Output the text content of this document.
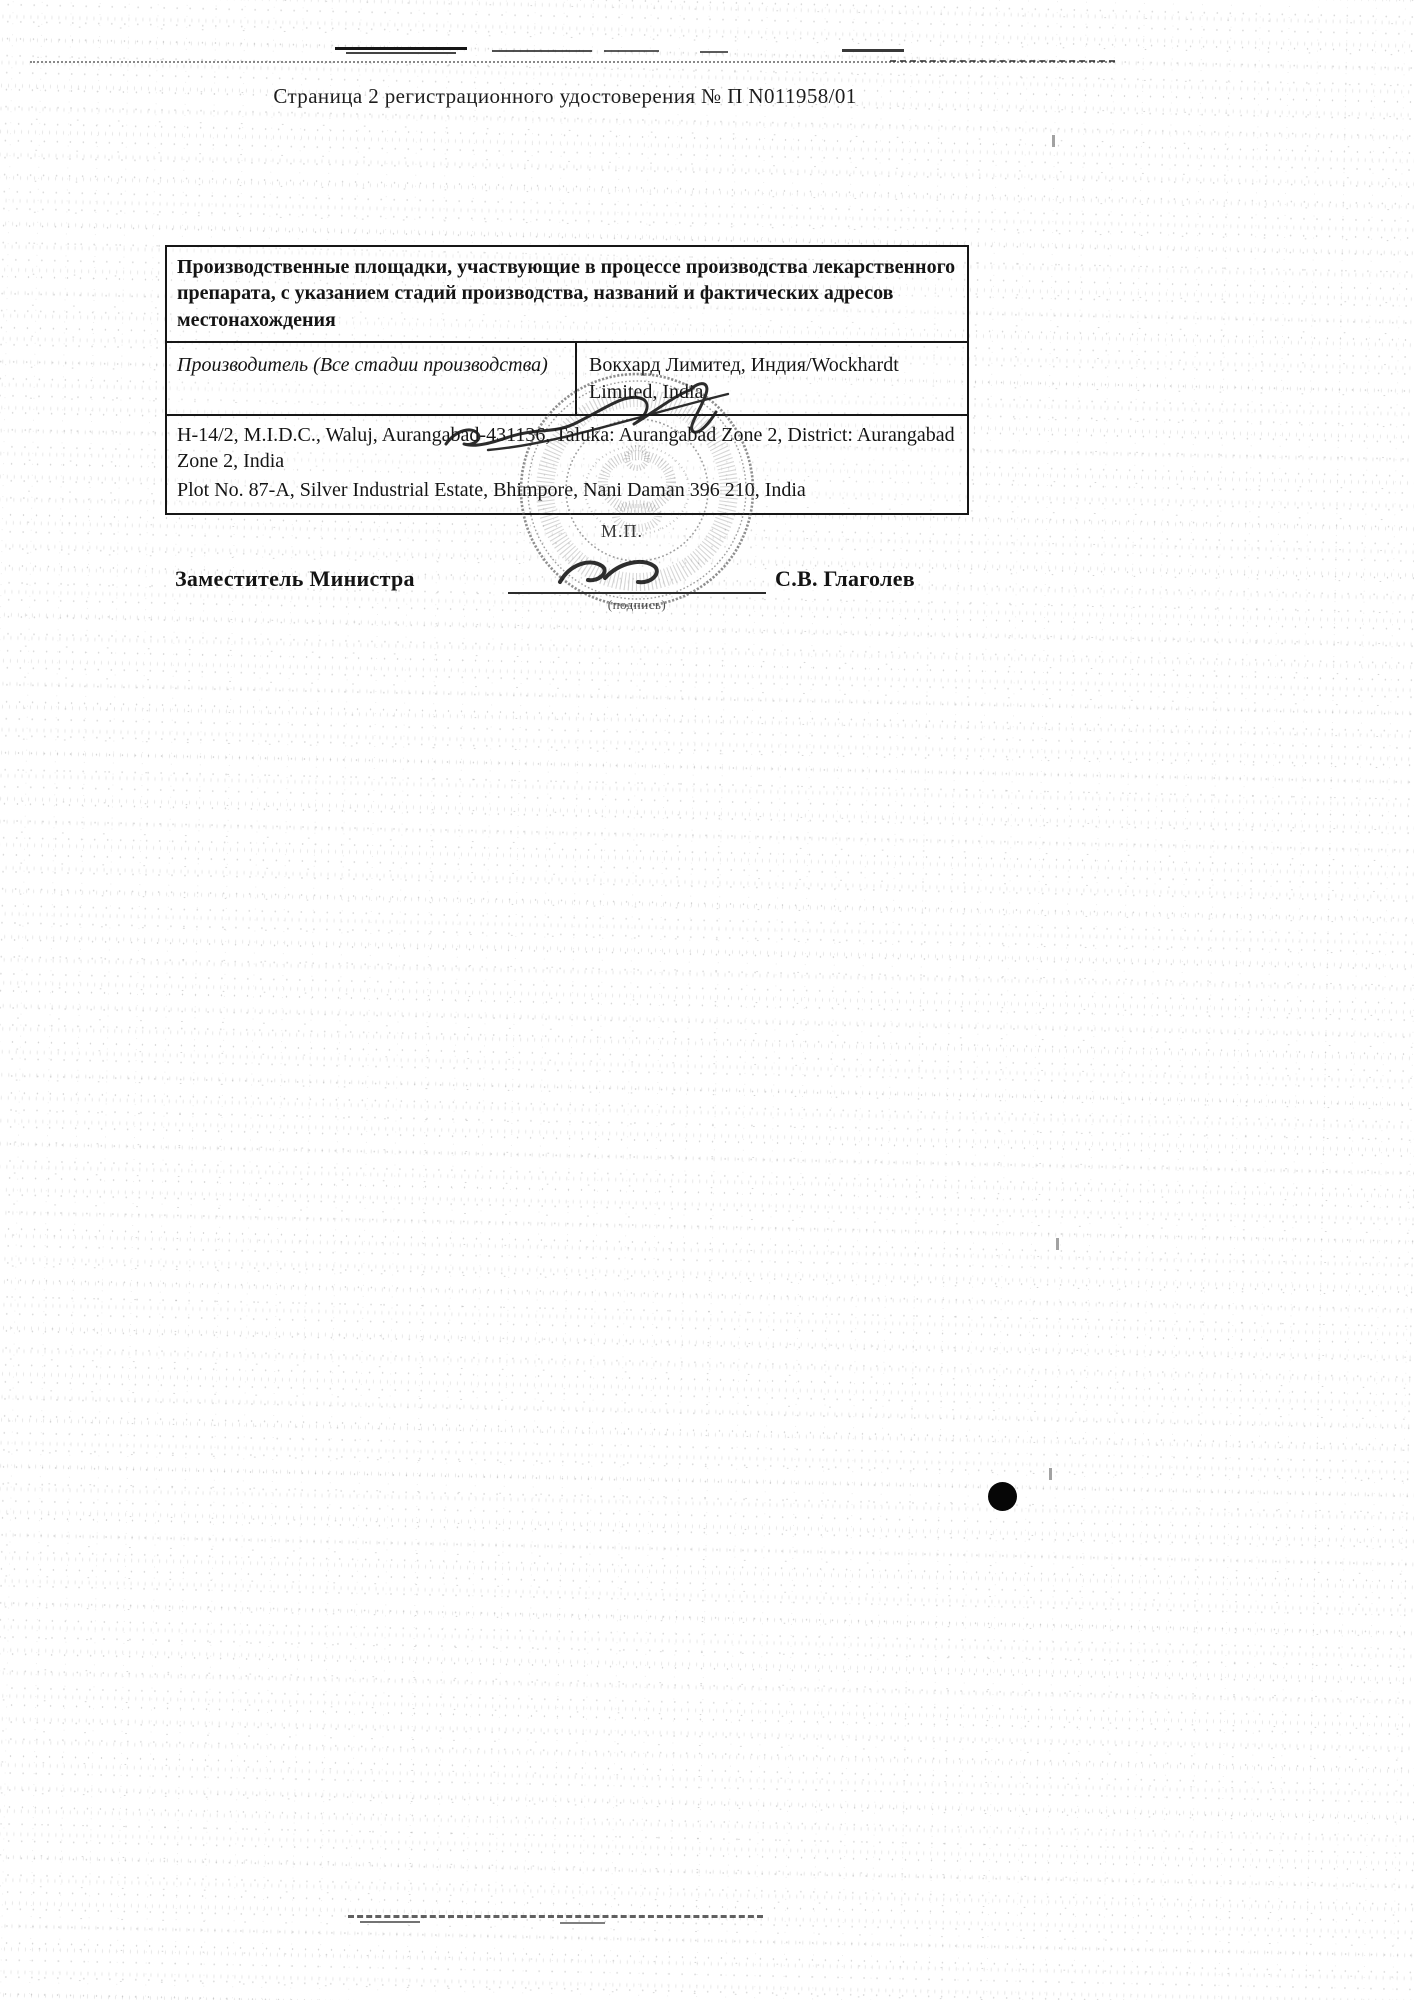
Страница 2 регистрационного удостоверения № П N011958/01
Производственные площадки, участвующие в процессе производства лекарственного препарата, с указанием стадий производства, названий и фактических адресов местонахождения
Производитель (Все стадии производства)	Вокхард Лимитед, Индия/Wockhardt Limited, India
H-14/2, M.I.D.C., Waluj, Aurangabad-431136, Taluka: Aurangabad Zone 2, District: Aurangabad Zone 2, India
Plot No. 87-A, Silver Industrial Estate, Bhimpore, Nani Daman 396 210, India
Заместитель Министра
(подпись)
С.В. Глаголев
М.П.
